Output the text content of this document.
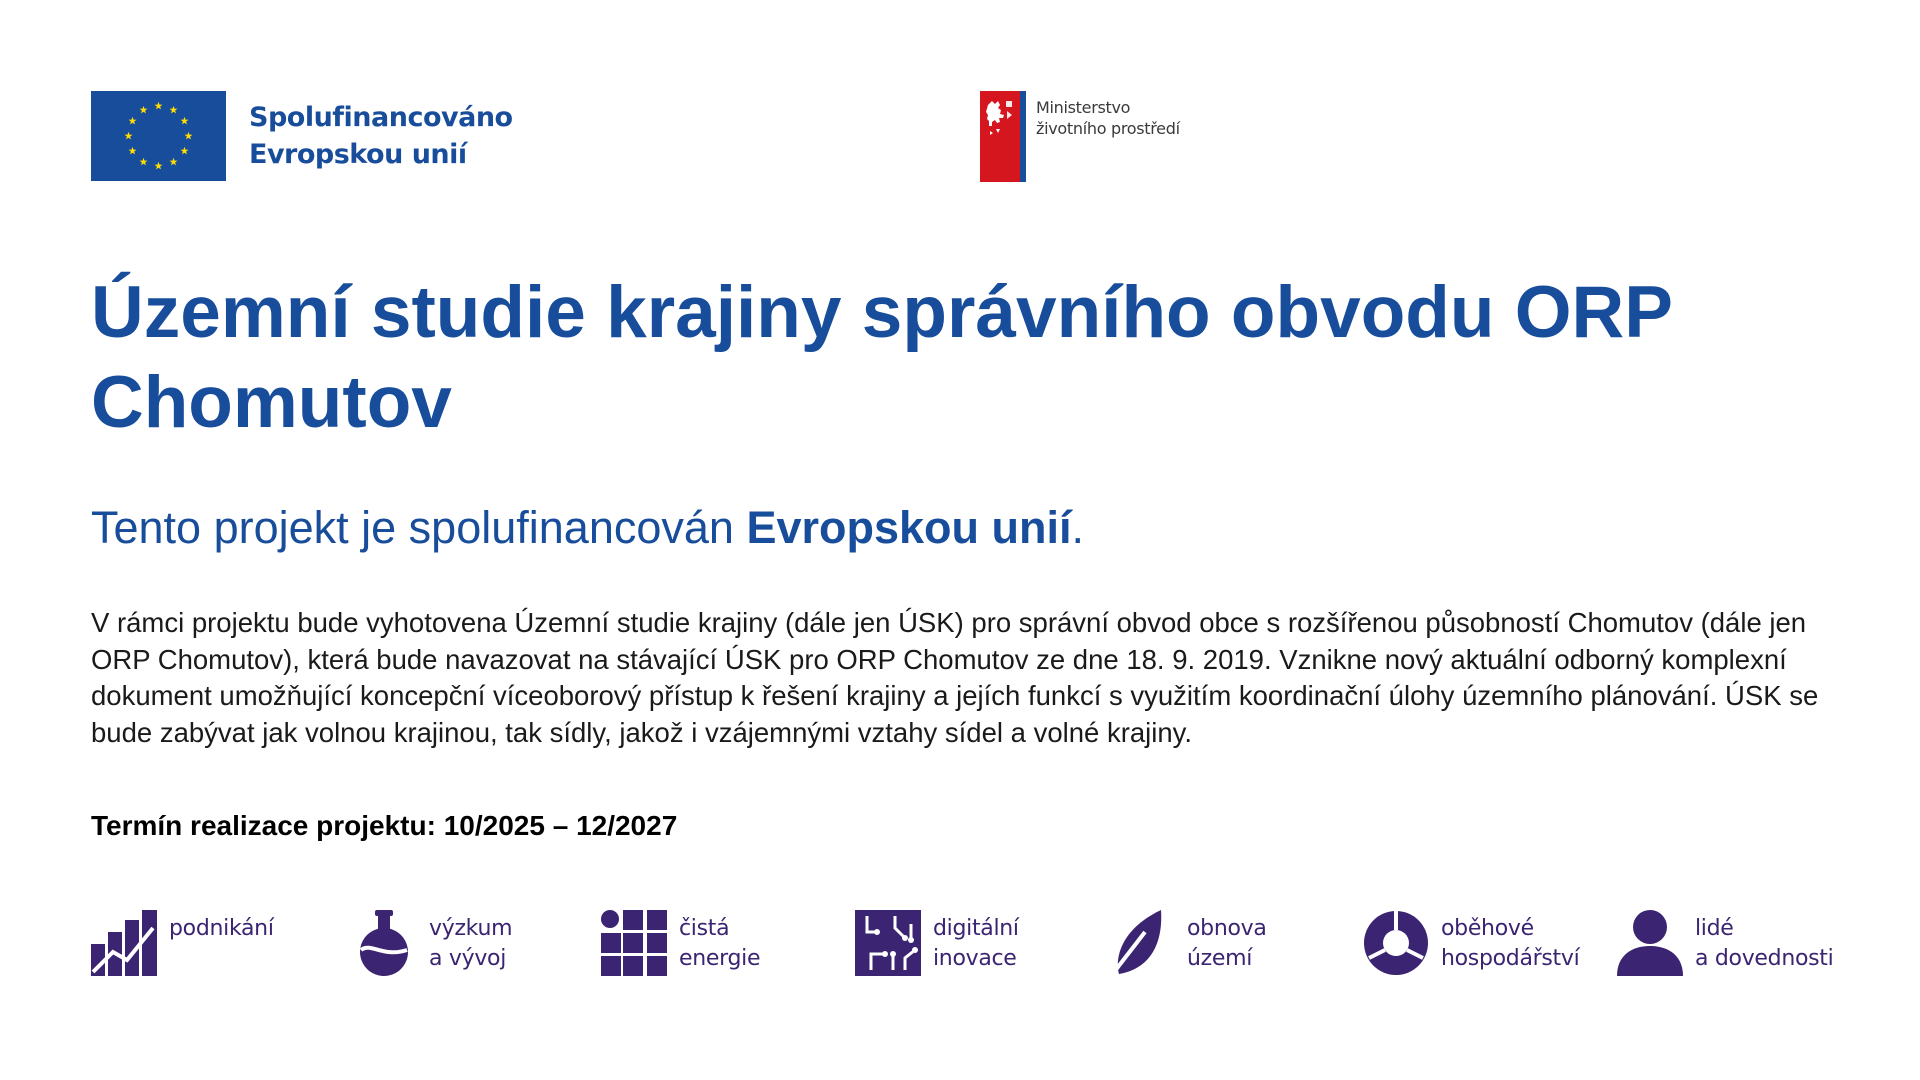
Spolufinancováno
Evropskou unií
Ministerstvo
životního prostředí
Územní studie krajiny správního obvodu ORP Chomutov

Tento projekt je spolufinancován Evropskou unií.

V rámci projektu bude vyhotovena Územní studie krajiny (dále jen ÚSK) pro správní obvod obce s rozšířenou působností Chomutov (dále jen ORP Chomutov), která bude navazovat na stávající ÚSK pro ORP Chomutov ze dne 18. 9. 2019. Vznikne nový aktuální odborný komplexní dokument umožňující koncepční víceoborový přístup k řešení krajiny a jejích funkcí s využitím koordinační úlohy územního plánování. ÚSK se bude zabývat jak volnou krajinou, tak sídly, jakož i vzájemnými vztahy sídel a volné krajiny.

Termín realizace projektu: 10/2025 – 12/2027

podnikání	výzkum
a vývoj
čistá
energie
digitální
inovace
obnova
území
oběhové
hospodářství
lidé
a dovednosti
